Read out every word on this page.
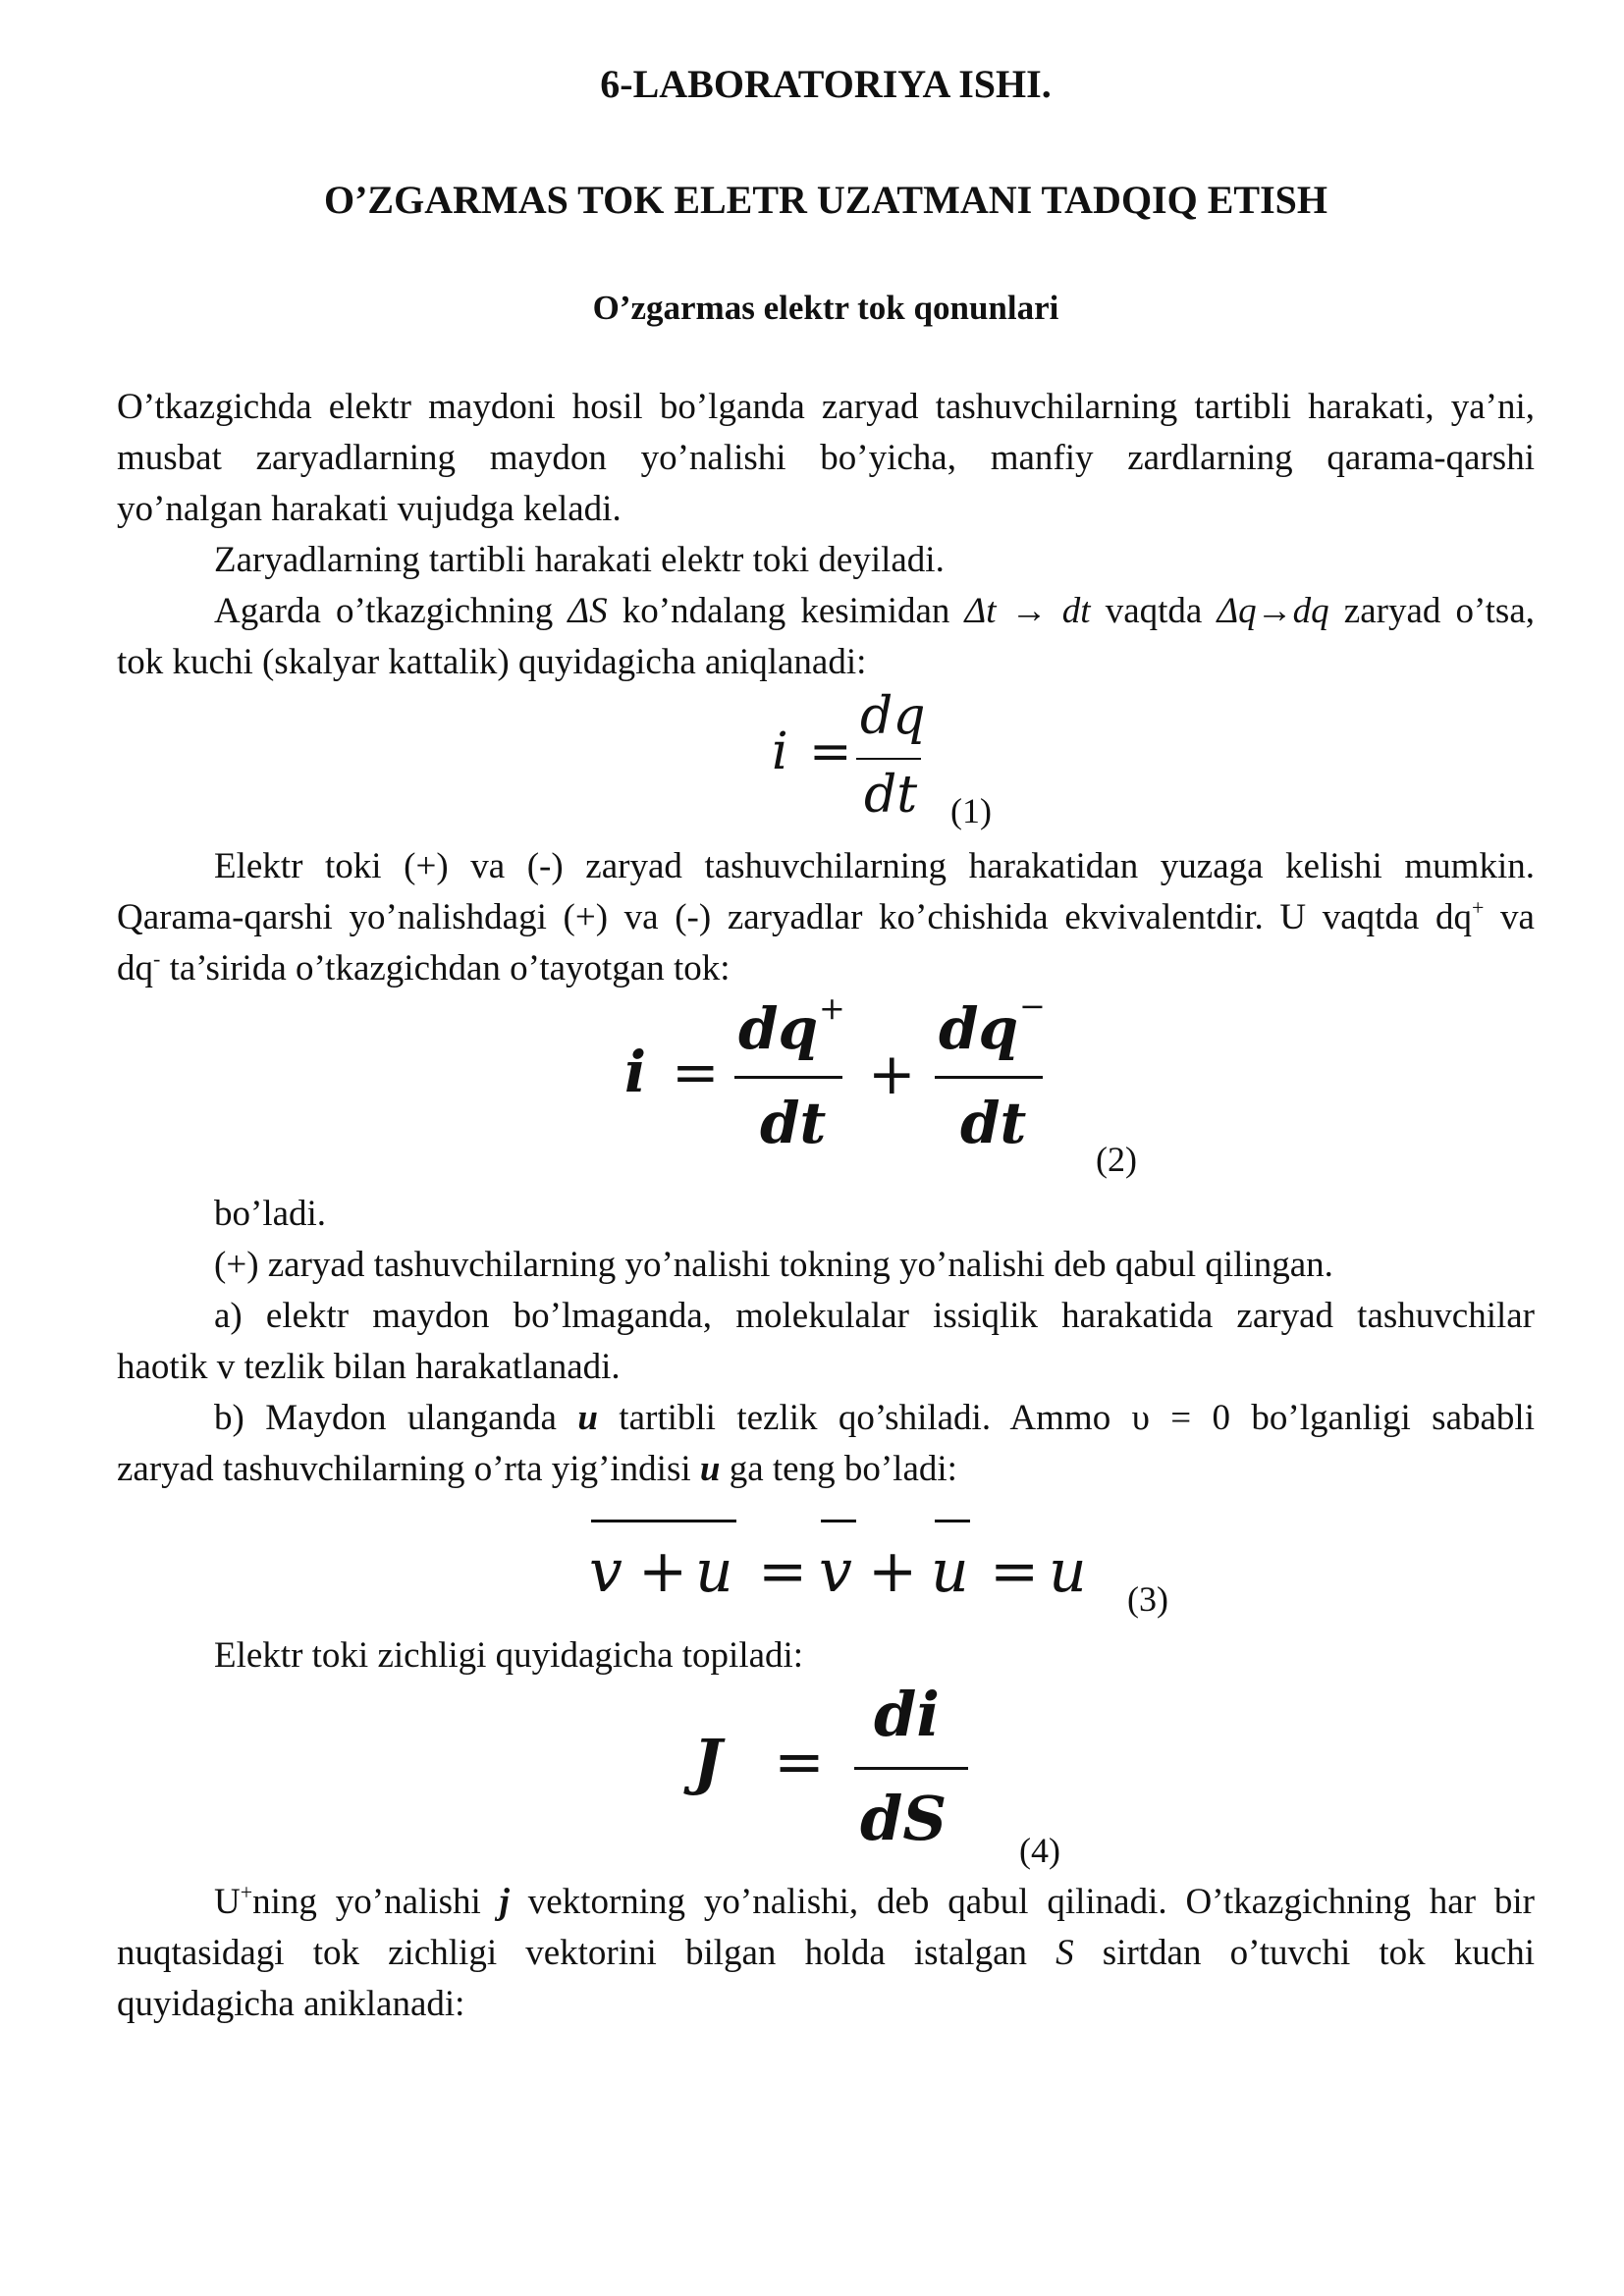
6-LABORATORIYA ISHI.
O’ZGARMAS TOK ELETR UZATMANI TADQIQ ETISH
O’zgarmas elektr tok qonunlari
O’tkazgichda elektr maydoni hosil bo’lganda zaryad tashuvchilarning tartibli harakati, ya’ni,
musbat zaryadlarning maydon yo’nalishi bo’yicha, manfiy zardlarning qarama-qarshi
yo’nalgan harakati vujudga keladi.
Zaryadlarning tartibli harakati elektr toki deyiladi.
Agarda o’tkazgichning ΔS ko’ndalang kesimidan Δt → dt vaqtda Δq→dq zaryad o’tsa,
tok kuchi (skalyar kattalik) quyidagicha aniqlanadi:
i =
dq
dt (1)
Elektr toki (+) va (-) zaryad tashuvchilarning harakatidan yuzaga kelishi mumkin.
Qarama-qarshi yo’nalishdagi (+) va (-) zaryadlar ko’chishida ekvivalentdir. U vaqtda dq+ va
dq- ta’sirida o’tkazgichdan o’tayotgan tok:
i =
dq +
dt
+
dq −
dt
(2)
bo’ladi.
(+) zaryad tashuvchilarning yo’nalishi tokning yo’nalishi deb qabul qilingan.
a) elektr maydon bo’lmaganda, molekulalar issiqlik harakatida zaryad tashuvchilar
haotik v tezlik bilan harakatlanadi.
b) Maydon ulanganda u tartibli tezlik qo’shiladi. Ammo υ = 0 bo’lganligi sababli
zaryad tashuvchilarning o’rta yig’indisi u ga teng bo’ladi:
v + u = v + u = u (3)
Elektr toki zichligi quyidagicha topiladi:
J =
di
dS (4)
U+ning yo’nalishi j vektorning yo’nalishi, deb qabul qilinadi. O’tkazgichning har bir
nuqtasidagi tok zichligi vektorini bilgan holda istalgan S sirtdan o’tuvchi tok kuchi
quyidagicha aniklanadi:
